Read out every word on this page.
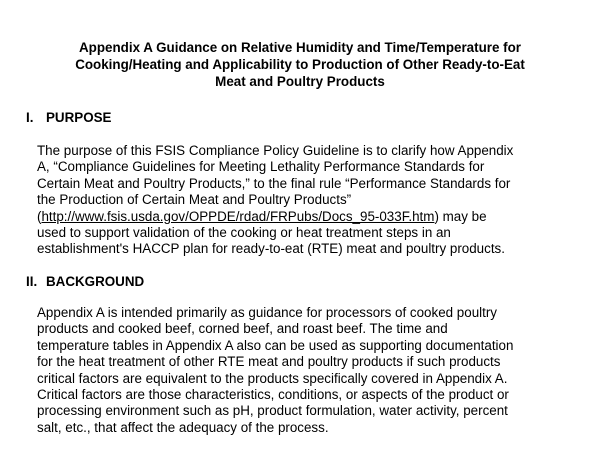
Appendix A Guidance on Relative Humidity and Time/Temperature for
Cooking/Heating and Applicability to Production of Other Ready-to-Eat
Meat and Poultry Products
I. PURPOSE
The purpose of this FSIS Compliance Policy Guideline is to clarify how Appendix
A, “Compliance Guidelines for Meeting Lethality Performance Standards for
Certain Meat and Poultry Products,” to the final rule “Performance Standards for
the Production of Certain Meat and Poultry Products”
(http://www.fsis.usda.gov/OPPDE/rdad/FRPubs/Docs_95-033F.htm) may be
used to support validation of the cooking or heat treatment steps in an
establishment's HACCP plan for ready-to-eat (RTE) meat and poultry products.
II. BACKGROUND
Appendix A is intended primarily as guidance for processors of cooked poultry
products and cooked beef, corned beef, and roast beef. The time and
temperature tables in Appendix A also can be used as supporting documentation
for the heat treatment of other RTE meat and poultry products if such products
critical factors are equivalent to the products specifically covered in Appendix A.
Critical factors are those characteristics, conditions, or aspects of the product or
processing environment such as pH, product formulation, water activity, percent
salt, etc., that affect the adequacy of the process.
